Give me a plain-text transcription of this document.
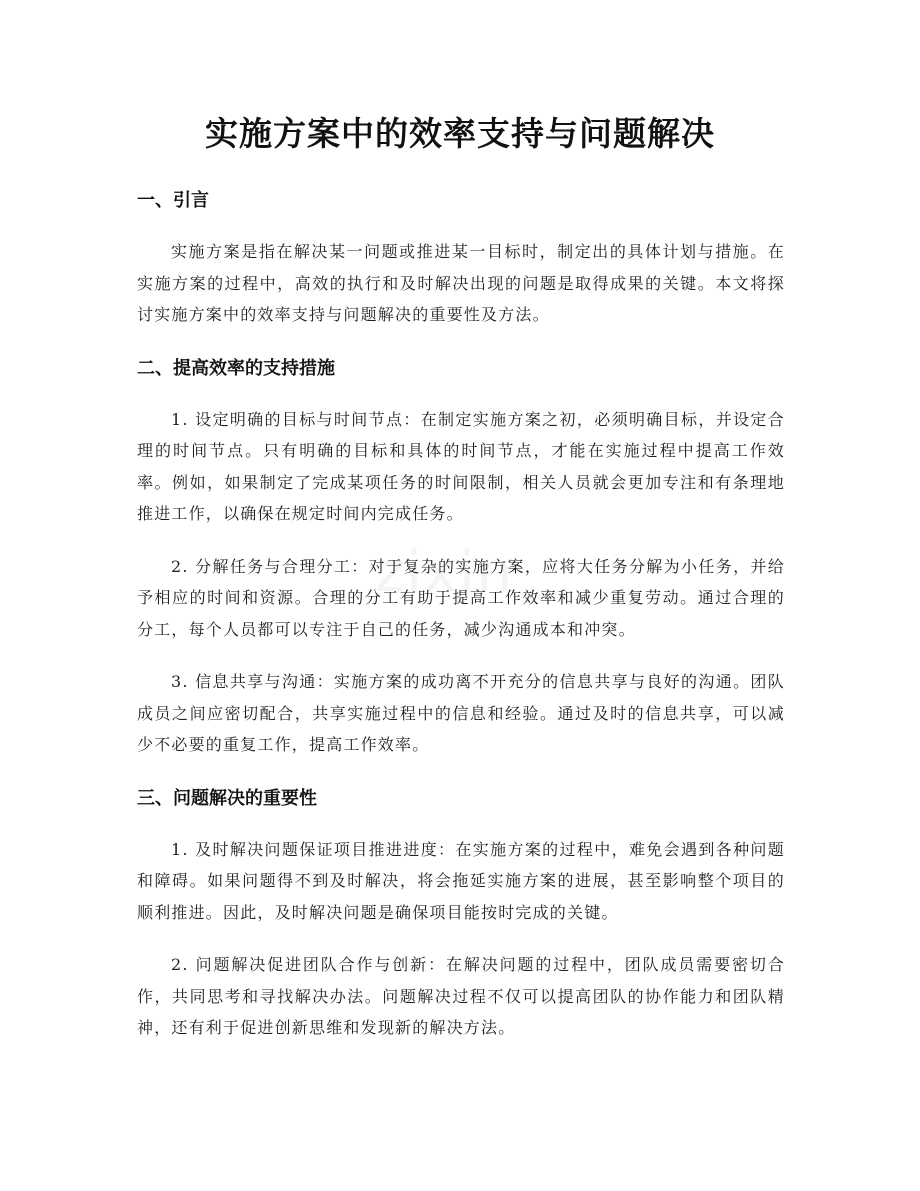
实施方案中的效率支持与问题解决
zixin
一、引言

实施方案是指在解决某一问题或推进某一目标时，制定出的具体计划与措施。在实施方案的过程中，高效的执行和及时解决出现的问题是取得成果的关键。本文将探讨实施方案中的效率支持与问题解决的重要性及方法。

二、提高效率的支持措施

1. 设定明确的目标与时间节点：在制定实施方案之初，必须明确目标，并设定合理的时间节点。只有明确的目标和具体的时间节点，才能在实施过程中提高工作效率。例如，如果制定了完成某项任务的时间限制，相关人员就会更加专注和有条理地推进工作，以确保在规定时间内完成任务。

2. 分解任务与合理分工：对于复杂的实施方案，应将大任务分解为小任务，并给予相应的时间和资源。合理的分工有助于提高工作效率和减少重复劳动。通过合理的分工，每个人员都可以专注于自己的任务，减少沟通成本和冲突。

3. 信息共享与沟通：实施方案的成功离不开充分的信息共享与良好的沟通。团队成员之间应密切配合，共享实施过程中的信息和经验。通过及时的信息共享，可以减少不必要的重复工作，提高工作效率。

三、问题解决的重要性

1. 及时解决问题保证项目推进进度：在实施方案的过程中，难免会遇到各种问题和障碍。如果问题得不到及时解决，将会拖延实施方案的进展，甚至影响整个项目的顺利推进。因此，及时解决问题是确保项目能按时完成的关键。

2. 问题解决促进团队合作与创新：在解决问题的过程中，团队成员需要密切合作，共同思考和寻找解决办法。问题解决过程不仅可以提高团队的协作能力和团队精神，还有利于促进创新思维和发现新的解决方法。
